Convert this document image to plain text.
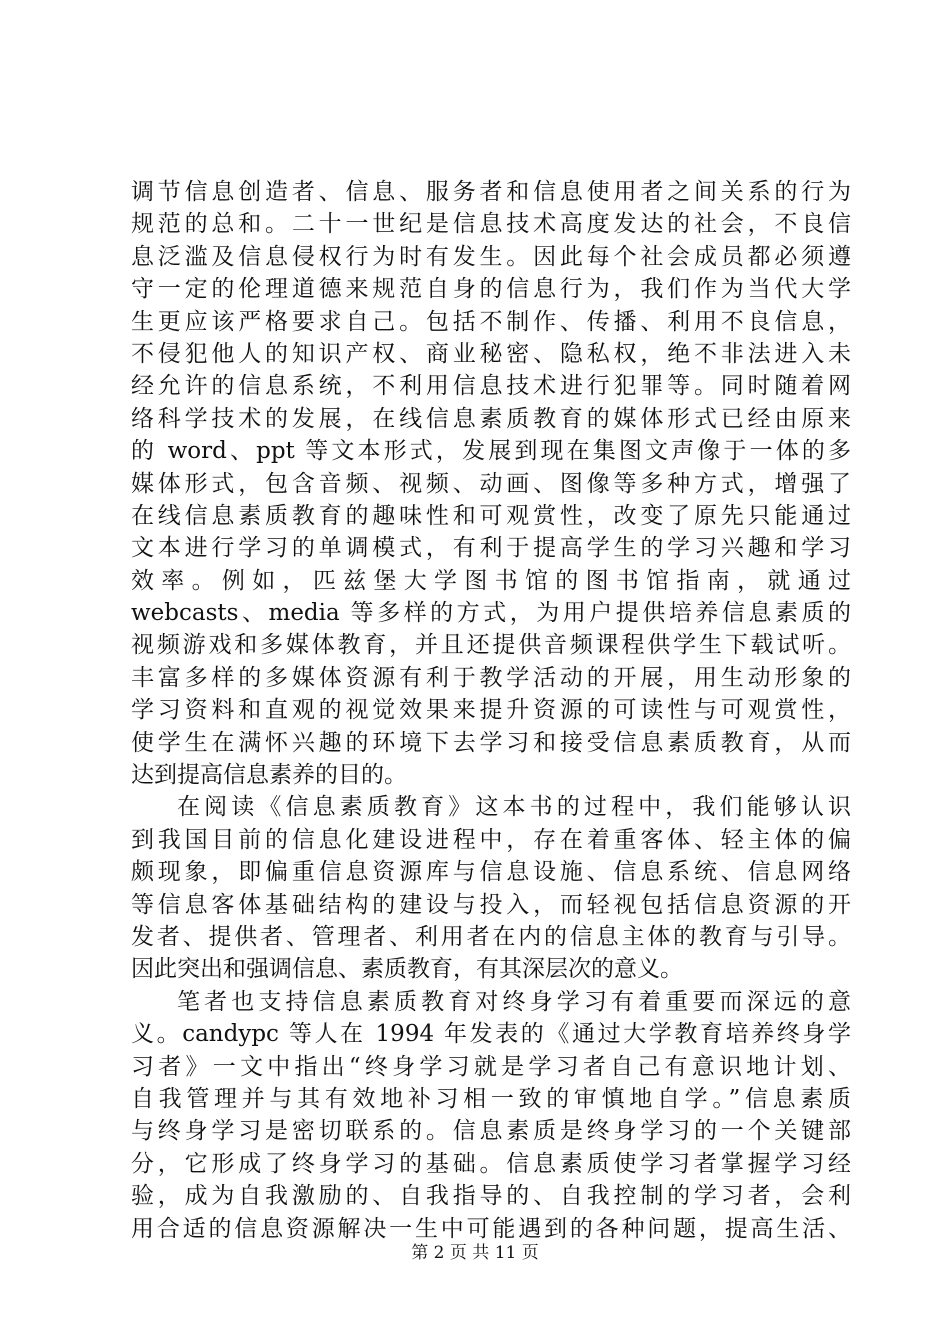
调节信息创造者、信息、服务者和信息使用者之间关系的行为
规范的总和。二十一世纪是信息技术高度发达的社会，不良信
息泛滥及信息侵权行为时有发生。因此每个社会成员都必须遵
守一定的伦理道德来规范自身的信息行为，我们作为当代大学
生更应该严格要求自己。包括不制作、传播、利用不良信息，
不侵犯他人的知识产权、商业秘密、隐私权，绝不非法进入未
经允许的信息系统，不利用信息技术进行犯罪等。同时随着网
络科学技术的发展，在线信息素质教育的媒体形式已经由原来
的 word、ppt 等文本形式，发展到现在集图文声像于一体的多
媒体形式，包含音频、视频、动画、图像等多种方式，增强了
在线信息素质教育的趣味性和可观赏性，改变了原先只能通过
文本进行学习的单调模式，有利于提高学生的学习兴趣和学习
效率。例如，匹兹堡大学图书馆的图书馆指南，就通过
webcasts、media 等多样的方式，为用户提供培养信息素质的
视频游戏和多媒体教育，并且还提供音频课程供学生下载试听。
丰富多样的多媒体资源有利于教学活动的开展，用生动形象的
学习资料和直观的视觉效果来提升资源的可读性与可观赏性，
使学生在满怀兴趣的环境下去学习和接受信息素质教育，从而
达到提高信息素养的目的。
在阅读《信息素质教育》这本书的过程中，我们能够认识
到我国目前的信息化建设进程中，存在着重客体、轻主体的偏
颇现象，即偏重信息资源库与信息设施、信息系统、信息网络
等信息客体基础结构的建设与投入，而轻视包括信息资源的开
发者、提供者、管理者、利用者在内的信息主体的教育与引导。
因此突出和强调信息、素质教育，有其深层次的意义。
笔者也支持信息素质教育对终身学习有着重要而深远的意
义。candypc 等人在 1994 年发表的《通过大学教育培养终身学
习者》一文中指出“终身学习就是学习者自己有意识地计划、
自我管理并与其有效地补习相一致的审慎地自学。”信息素质
与终身学习是密切联系的。信息素质是终身学习的一个关键部
分，它形成了终身学习的基础。信息素质使学习者掌握学习经
验，成为自我激励的、自我指导的、自我控制的学习者，会利
用合适的信息资源解决一生中可能遇到的各种问题，提高生活、
第 2 页 共 11 页
